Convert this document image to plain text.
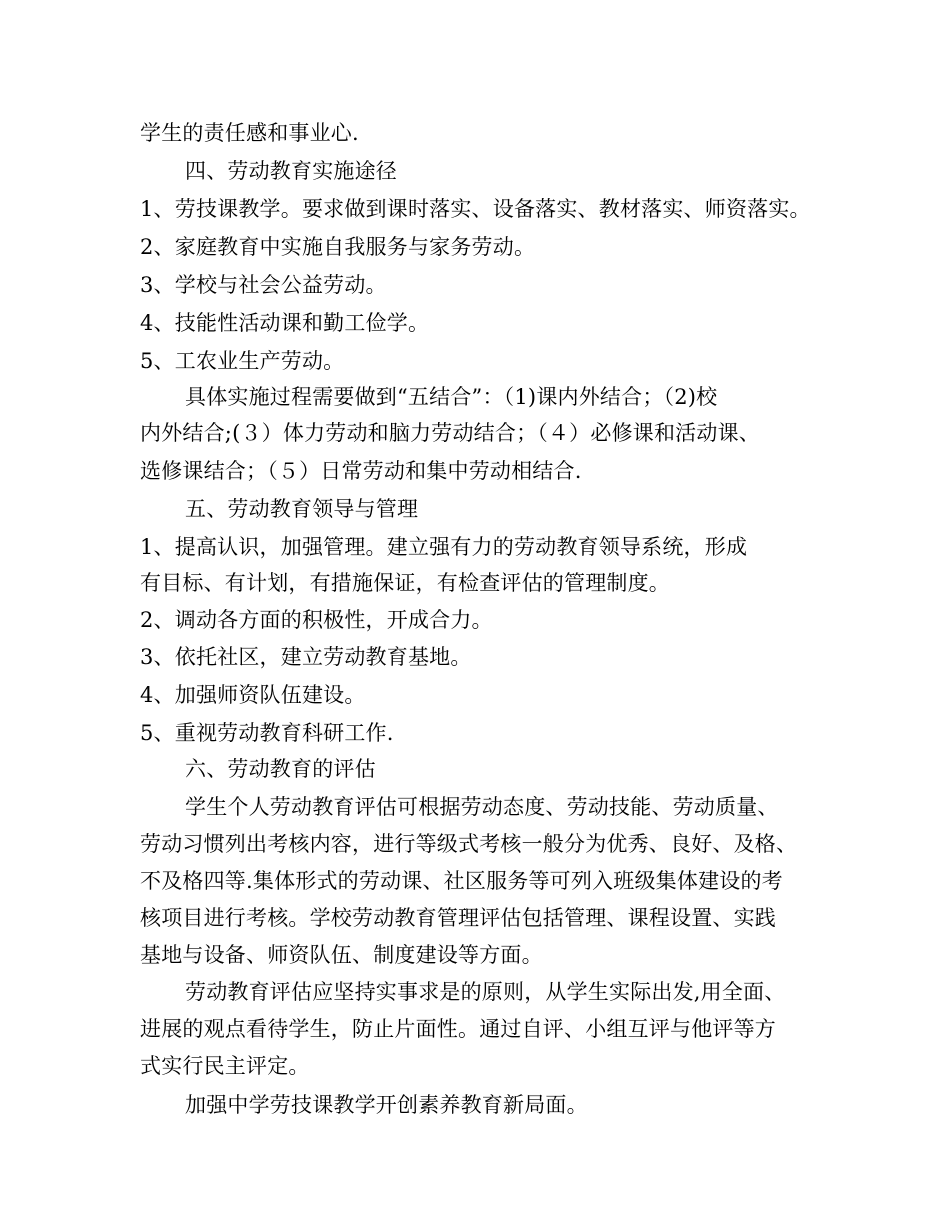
学生的责任感和事业心.
四、劳动教育实施途径
1、劳技课教学。要求做到课时落实、设备落实、教材落实、师资落实。
2、家庭教育中实施自我服务与家务劳动。
3、学校与社会公益劳动。
4、技能性活动课和勤工俭学。
5、工农业生产劳动。
具体实施过程需要做到“五结合”：（1)课内外结合；（2)校
内外结合;(３）体力劳动和脑力劳动结合；（４）必修课和活动课、
选修课结合；（５）日常劳动和集中劳动相结合.
五、劳动教育领导与管理
1、提高认识，加强管理。建立强有力的劳动教育领导系统，形成
有目标、有计划，有措施保证，有检查评估的管理制度。
2、调动各方面的积极性，开成合力。
3、依托社区，建立劳动教育基地。
4、加强师资队伍建设。
5、重视劳动教育科研工作.
六、劳动教育的评估
学生个人劳动教育评估可根据劳动态度、劳动技能、劳动质量、
劳动习惯列出考核内容，进行等级式考核一般分为优秀、良好、及格、
不及格四等.集体形式的劳动课、社区服务等可列入班级集体建设的考
核项目进行考核。学校劳动教育管理评估包括管理、课程设置、实践
基地与设备、师资队伍、制度建设等方面。
劳动教育评估应坚持实事求是的原则，从学生实际出发,用全面、
进展的观点看待学生，防止片面性。通过自评、小组互评与他评等方
式实行民主评定。
加强中学劳技课教学开创素养教育新局面。
